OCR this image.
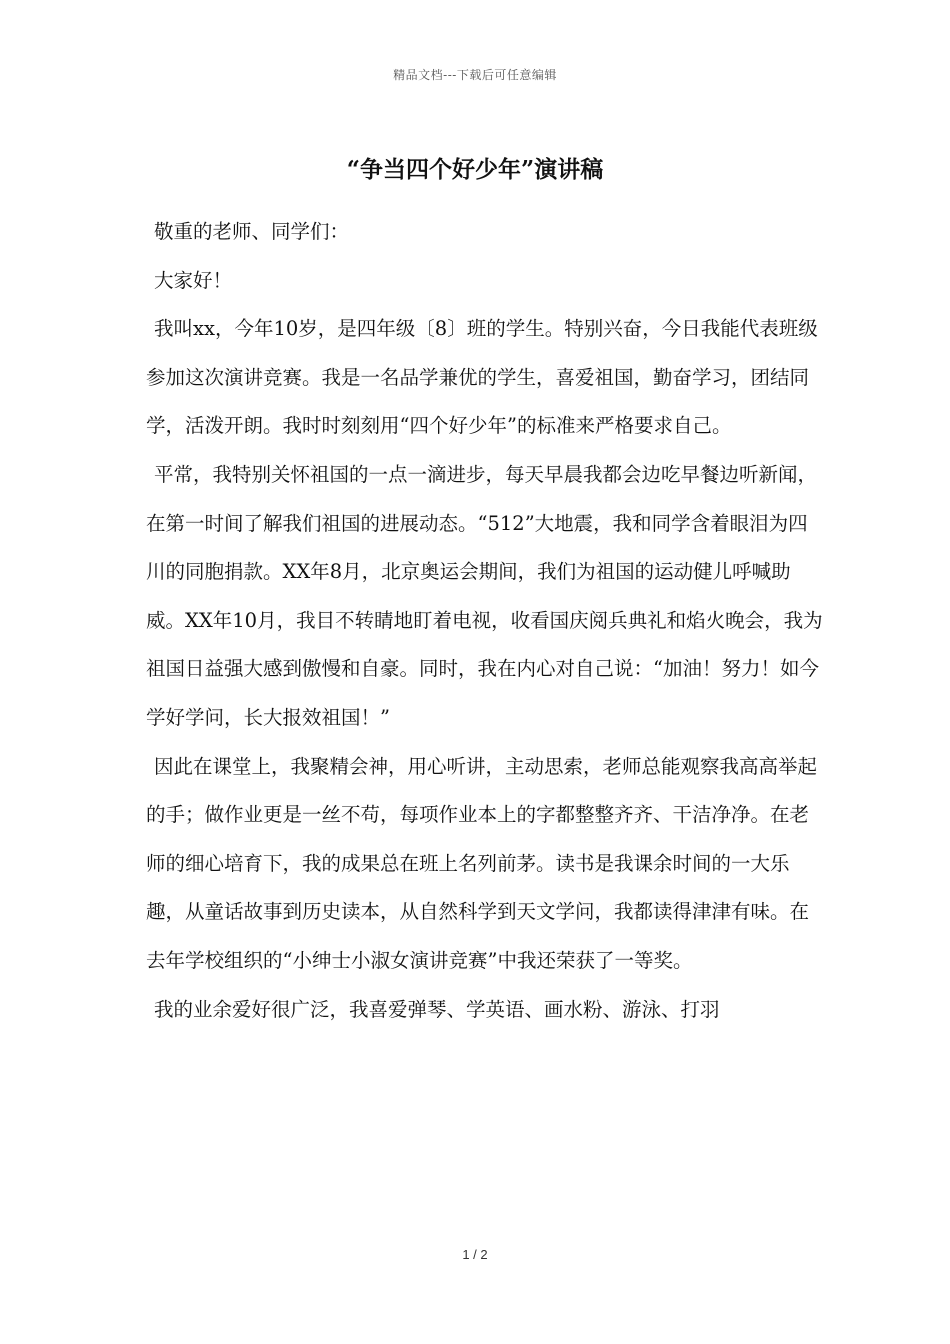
精品文档---下载后可任意编辑
“争当四个好少年”演讲稿

敬重的老师、同学们：

大家好！

我叫xx，今年10岁，是四年级〔8〕班的学生。特别兴奋，今日我能代表班级参加这次演讲竞赛。我是一名品学兼优的学生，喜爱祖国，勤奋学习，团结同学，活泼开朗。我时时刻刻用“四个好少年”的标准来严格要求自己。

平常，我特别关怀祖国的一点一滴进步，每天早晨我都会边吃早餐边听新闻，在第一时间了解我们祖国的进展动态。“512”大地震，我和同学含着眼泪为四川的同胞捐款。XX年8月，北京奥运会期间，我们为祖国的运动健儿呼喊助威。XX年10月，我目不转睛地盯着电视，收看国庆阅兵典礼和焰火晚会，我为祖国日益强大感到傲慢和自豪。同时，我在内心对自己说：“加油！努力！如今学好学问，长大报效祖国！”

因此在课堂上，我聚精会神，用心听讲，主动思索，老师总能观察我高高举起的手；做作业更是一丝不苟，每项作业本上的字都整整齐齐、干洁净净。在老师的细心培育下，我的成果总在班上名列前茅。读书是我课余时间的一大乐趣，从童话故事到历史读本，从自然科学到天文学问，我都读得津津有味。在去年学校组织的“小绅士小淑女演讲竞赛”中我还荣获了一等奖。

我的业余爱好很广泛，我喜爱弹琴、学英语、画水粉、游泳、打羽

1 / 2
